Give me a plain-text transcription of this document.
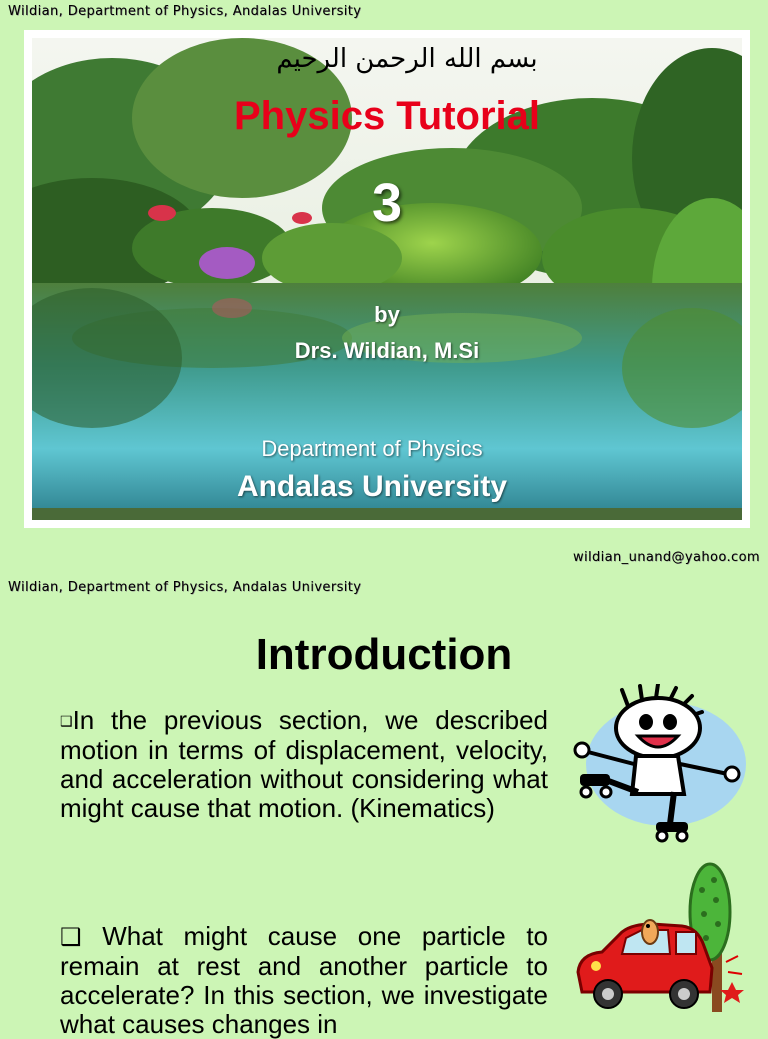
Wildian, Department of Physics, Andalas University
بسم الله الرحمن الرحيم
Physics Tutorial
3
by
Drs. Wildian, M.Si
Department of Physics
Andalas University
wildian_unand@yahoo.com
Wildian, Department of Physics, Andalas University
Introduction
❑In the previous section, we described motion in terms of displacement, velocity, and acceleration without considering what might cause that motion. (Kinematics)
❑ What might cause one particle to remain at rest and another particle to accelerate? In this section, we investigate what causes changes in
